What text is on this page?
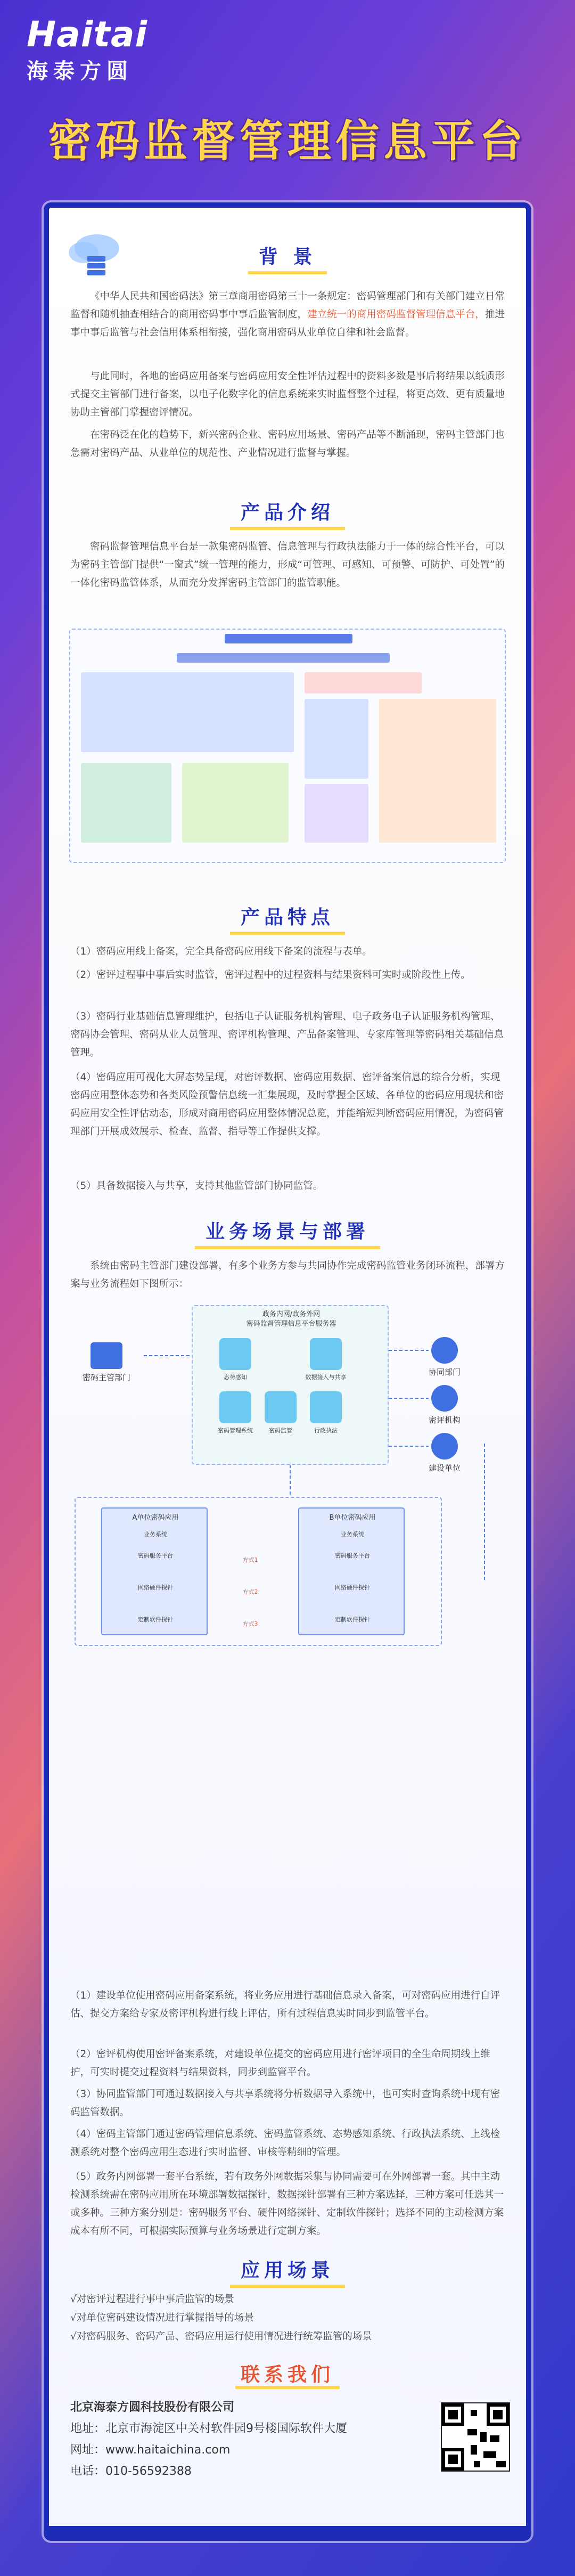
Haitai
海泰方圆
密码监督管理信息平台
背 景
《中华人民共和国密码法》第三章商用密码第三十一条规定：密码管理部门和有关部门建立日常监督和随机抽查相结合的商用密码事中事后监管制度，建立统一的商用密码监督管理信息平台，推进事中事后监管与社会信用体系相衔接，强化商用密码从业单位自律和社会监督。
与此同时，各地的密码应用备案与密码应用安全性评估过程中的资料多数是事后将结果以纸质形式提交主管部门进行备案，以电子化数字化的信息系统来实时监督整个过程，将更高效、更有质量地协助主管部门掌握密评情况。
在密码泛在化的趋势下，新兴密码企业、密码应用场景、密码产品等不断涌现，密码主管部门也急需对密码产品、从业单位的规范性、产业情况进行监督与掌握。
产品介绍
密码监督管理信息平台是一款集密码监管、信息管理与行政执法能力于一体的综合性平台，可以为密码主管部门提供“一窗式”统一管理的能力，形成“可管理、可感知、可预警、可防护、可处置”的一体化密码监管体系，从而充分发挥密码主管部门的监管职能。
产品特点
（1）密码应用线上备案，完全具备密码应用线下备案的流程与表单。
（2）密评过程事中事后实时监管，密评过程中的过程资料与结果资料可实时或阶段性上传。
（3）密码行业基础信息管理维护，包括电子认证服务机构管理、电子政务电子认证服务机构管理、密码协会管理、密码从业人员管理、密评机构管理、产品备案管理、专家库管理等密码相关基础信息管理。
（4）密码应用可视化大屏态势呈现，对密评数据、密码应用数据、密评备案信息的综合分析，实现密码应用整体态势和各类风险预警信息统一汇集展现，及时掌握全区域、各单位的密码应用现状和密码应用安全性评估动态，形成对商用密码应用整体情况总览，并能缩短判断密码应用情况，为密码管理部门开展成效展示、检查、监督、指导等工作提供支撑。
（5）具备数据接入与共享，支持其他监管部门协同监管。
业务场景与部署
系统由密码主管部门建设部署，有多个业务方参与共同协作完成密码监管业务闭环流程，部署方案与业务流程如下图所示：
政务内网/政务外网
密码监督管理信息平台服务器
态势感知	数据接入与共享
密码管理系统	密码监管	行政执法
密码主管部门
协同部门
密评机构
建设单位
A单位密码应用
密码服务平台
网络硬件探针
定制软件探针
业务系统
B单位密码应用
密码服务平台
网络硬件探针
定制软件探针
业务系统
方式1
方式2
方式3
（1）建设单位使用密码应用备案系统，将业务应用进行基础信息录入备案，可对密码应用进行自评估、提交方案给专家及密评机构进行线上评估，所有过程信息实时同步到监管平台。
（2）密评机构使用密评备案系统，对建设单位提交的密码应用进行密评项目的全生命周期线上维护，可实时提交过程资料与结果资料，同步到监管平台。
（3）协同监管部门可通过数据接入与共享系统将分析数据导入系统中，也可实时查询系统中现有密码监管数据。
（4）密码主管部门通过密码管理信息系统、密码监管系统、态势感知系统、行政执法系统、上线检测系统对整个密码应用生态进行实时监督、审核等精细的管理。
（5）政务内网部署一套平台系统，若有政务外网数据采集与协同需要可在外网部署一套。其中主动检测系统需在密码应用所在环境部署数据探针，数据探针部署有三种方案选择，三种方案可任选其一或多种。三种方案分别是：密码服务平台、硬件网络探针、定制软件探针；选择不同的主动检测方案成本有所不同，可根据实际预算与业务场景进行定制方案。
应用场景
√对密评过程进行事中事后监管的场景
√对单位密码建设情况进行掌握指导的场景
√对密码服务、密码产品、密码应用运行使用情况进行统筹监管的场景
联系我们
北京海泰方圆科技股份有限公司
地址：北京市海淀区中关村软件园9号楼国际软件大厦
网址：www.haitaichina.com
电话：010-56592388
